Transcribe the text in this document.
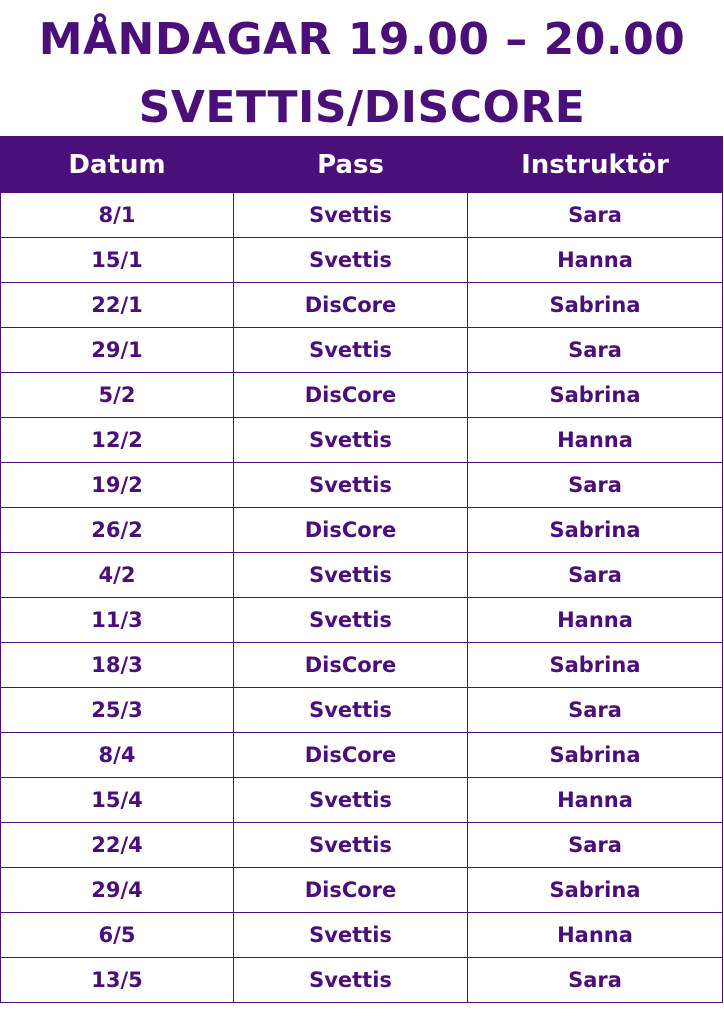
MÅNDAGAR 19.00 – 20.00
SVETTIS/DISCORE
Datum	Pass	Instruktör
8/1	Svettis	Sara
15/1	Svettis	Hanna
22/1	DisCore	Sabrina
29/1	Svettis	Sara
5/2	DisCore	Sabrina
12/2	Svettis	Hanna
19/2	Svettis	Sara
26/2	DisCore	Sabrina
4/2	Svettis	Sara
11/3	Svettis	Hanna
18/3	DisCore	Sabrina
25/3	Svettis	Sara
8/4	DisCore	Sabrina
15/4	Svettis	Hanna
22/4	Svettis	Sara
29/4	DisCore	Sabrina
6/5	Svettis	Hanna
13/5	Svettis	Sara
